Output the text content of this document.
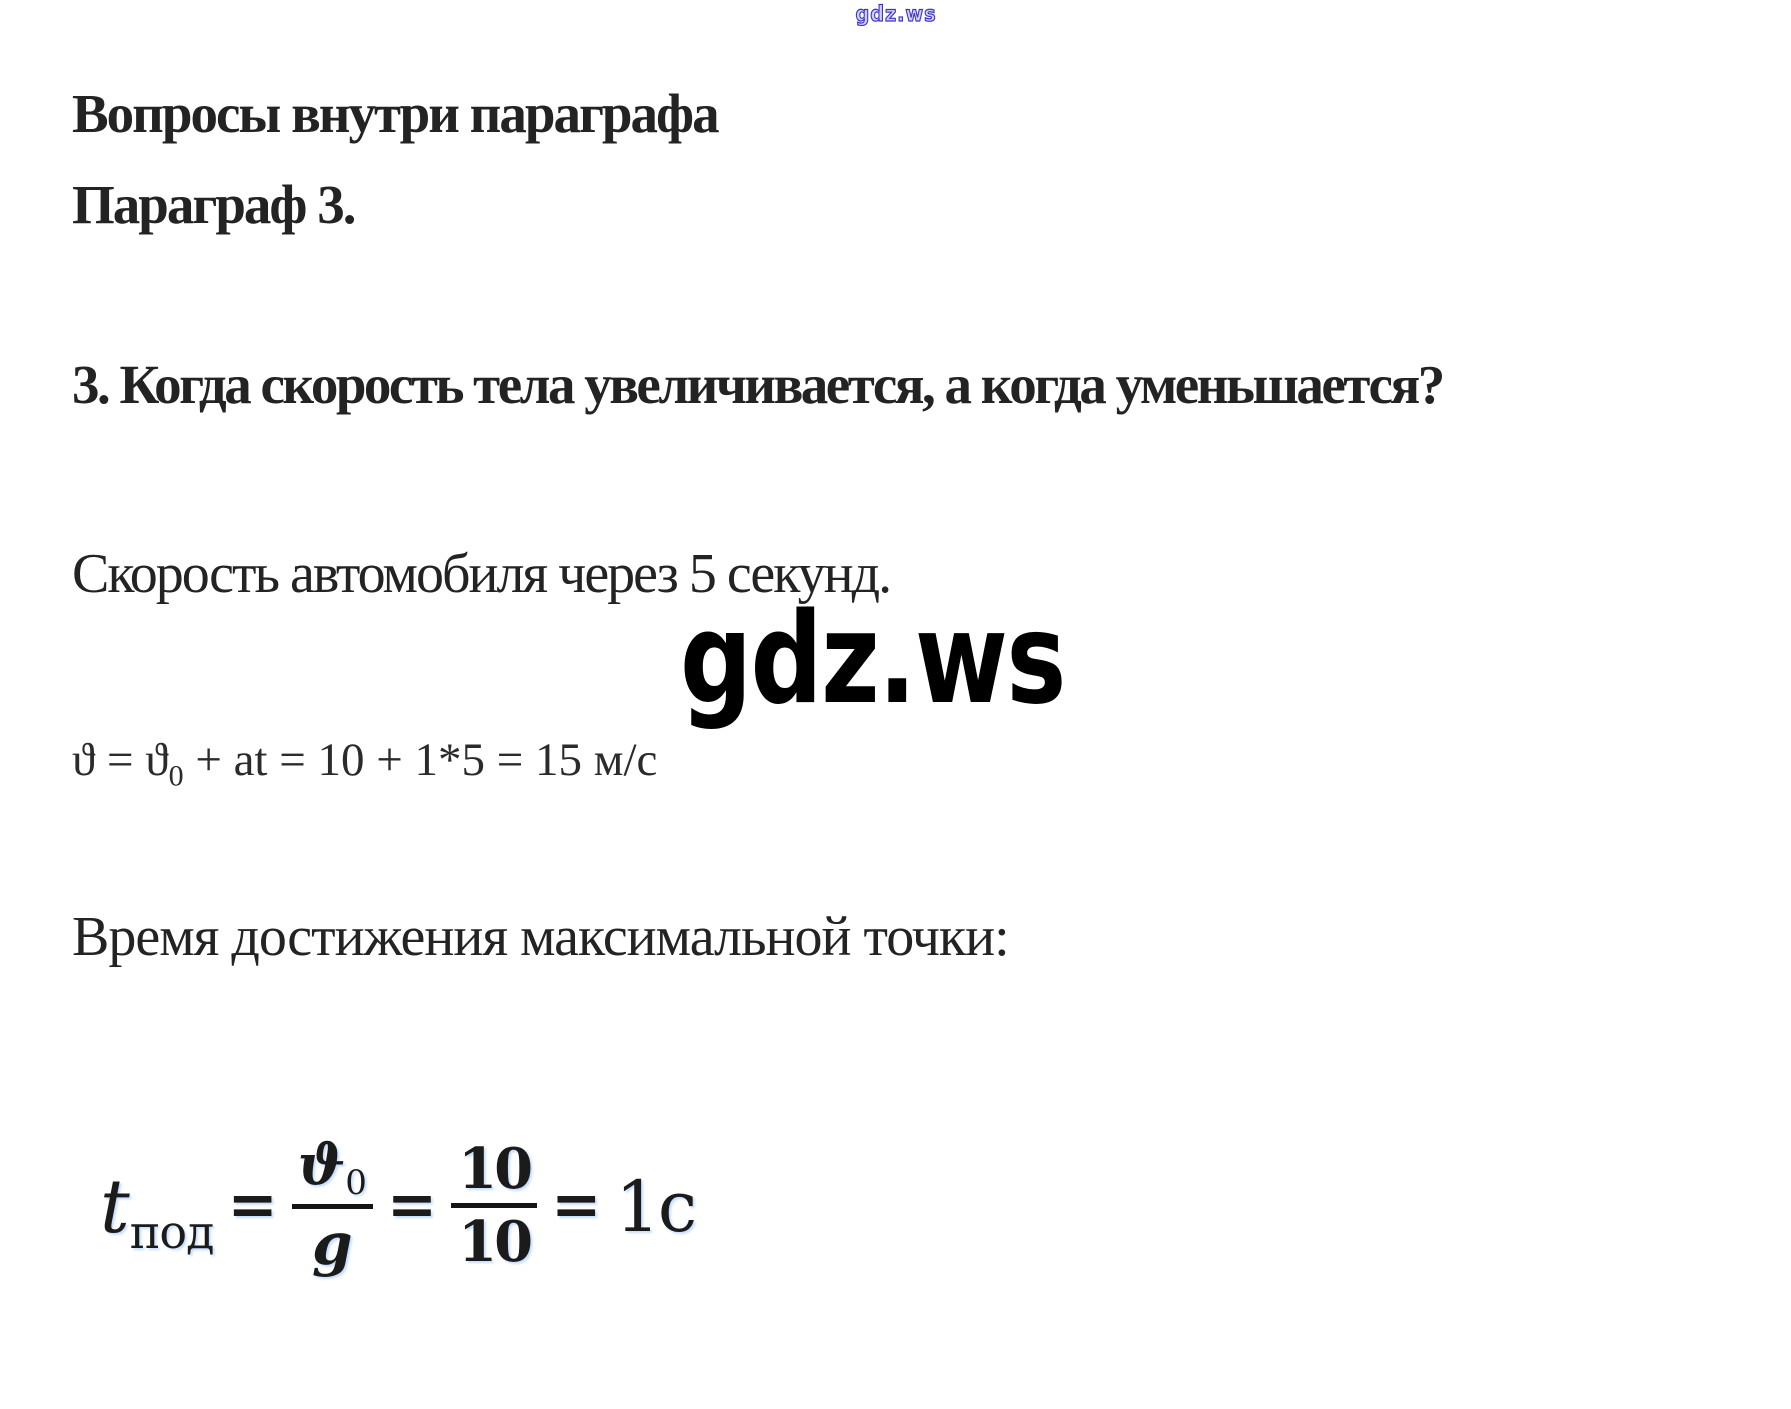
gdz.ws
Вопросы внутри параграфа
Параграф 3.
3. Когда скорость тела увеличивается, а когда уменьшается?
Скорость автомобиля через 5 секунд.
gdz.ws
$ϑ = ϑ_0$ + at = 10 + 1*5 = 15 м/с
Время достижения максимальной точки:
tпод = $\frac{ϑ0}{g} = \frac{10}{10} = 1с$
